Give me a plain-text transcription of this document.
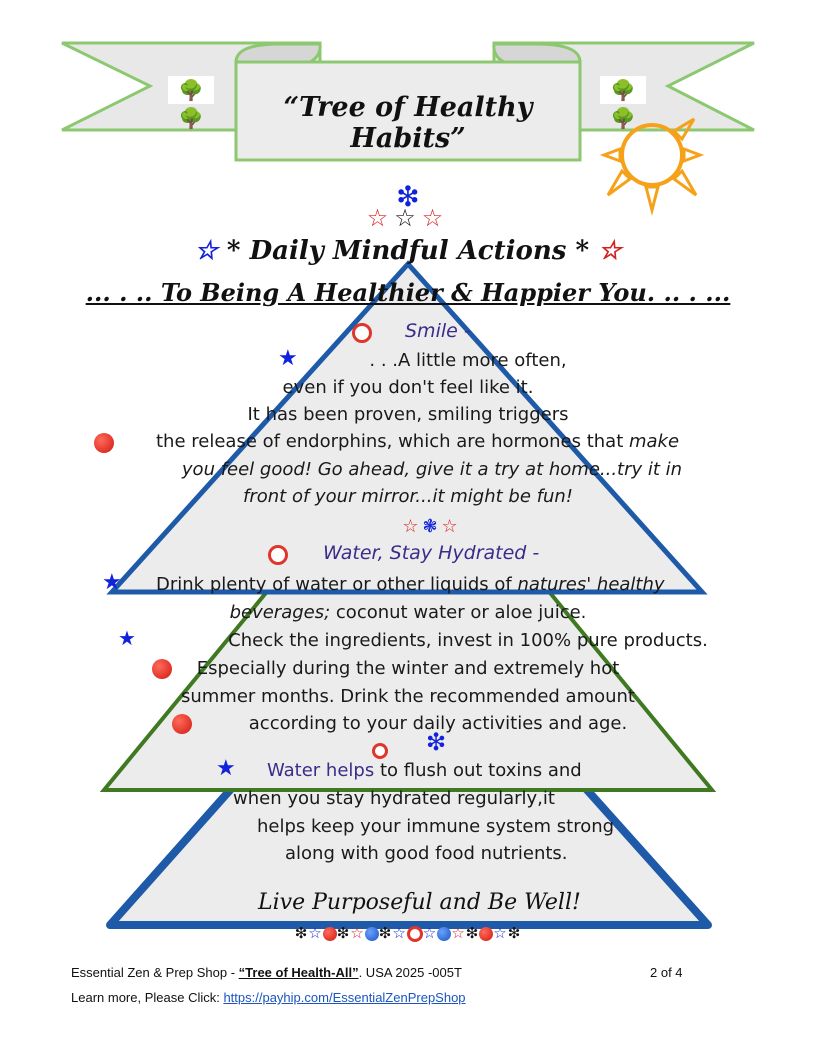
🌳🌳
🌳🌳
“Tree of Healthy Habits”
❇
☆☆☆
☆ * Daily Mindful Actions * ☆
... . .. To Being A Healthier & Happier You. .. . ...
Smile -
★	. . .A little more often,
even if you don't feel like it.
It has been proven, smiling triggers
the release of endorphins, which are hormones that make
you feel good! Go ahead, give it a try at home...try it in
front of your mirror...it might be fun!
☆❃☆
Water, Stay Hydrated -
★ Drink plenty of water or other liquids of natures' healthy
beverages; coconut water or aloe juice.
★	Check the ingredients, invest in 100% pure products.
Especially during the winter and extremely hot
summer months. Drink the recommended amount
according to your daily activities and age.
❇
★ Water helps to flush out toxins and
when you stay hydrated regularly,it
helps keep your immune system strong
along with good food nutrients.
Live Purposeful and Be Well!
❇☆ ❇☆ ❇☆ ☆ ☆❇ ☆❇
Essential Zen & Prep Shop - “Tree of Health-All”. USA 2025 -005T	2 of 4
Learn more, Please Click: https://payhip.com/EssentialZenPrepShop
